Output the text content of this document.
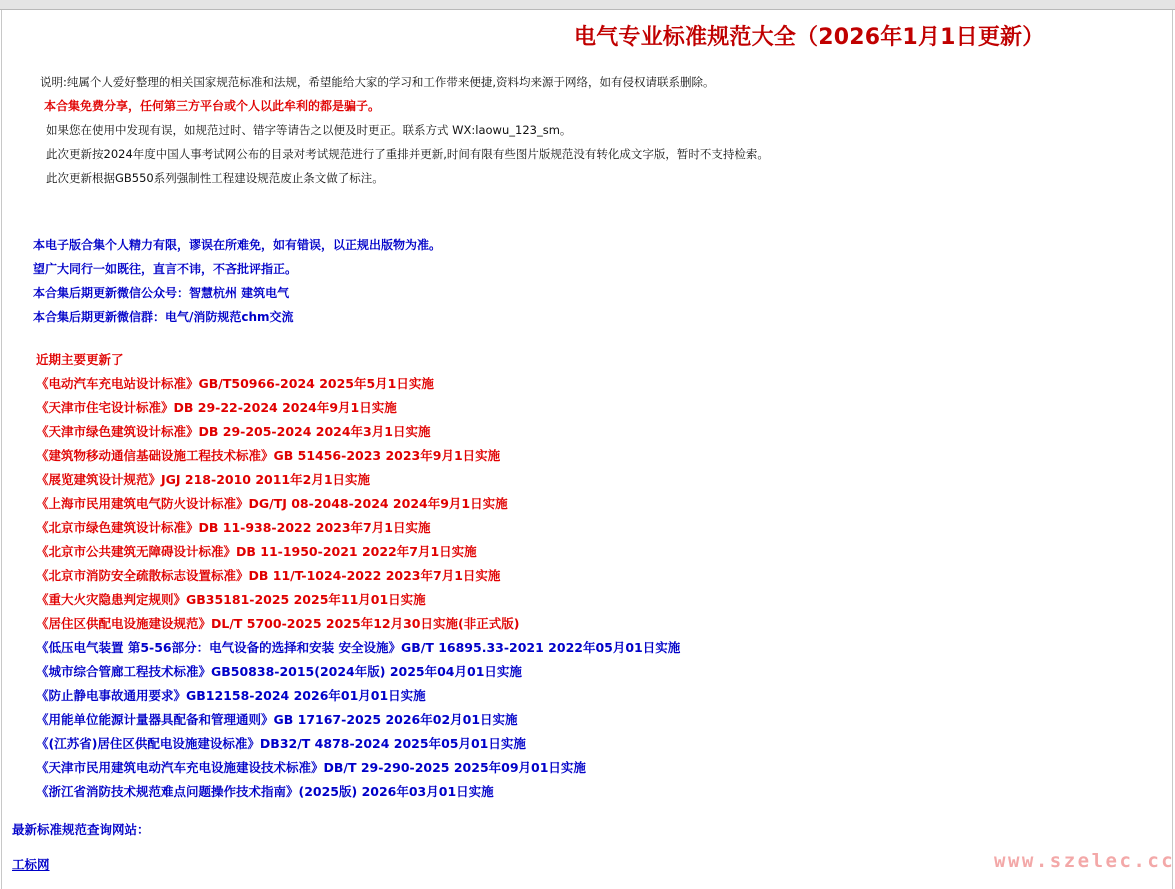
电气专业标准规范大全（2026年1月1日更新）
说明:纯属个人爱好整理的相关国家规范标准和法规，希望能给大家的学习和工作带来便捷,资料均来源于网络，如有侵权请联系删除。
本合集免费分享，任何第三方平台或个人以此牟利的都是骗子。
如果您在使用中发现有误，如规范过时、错字等请告之以便及时更正。联系方式 WX:laowu_123_sm。
此次更新按2024年度中国人事考试网公布的目录对考试规范进行了重排并更新,时间有限有些图片版规范没有转化成文字版，暂时不支持检索。
此次更新根据GB550系列强制性工程建设规范废止条文做了标注。
本电子版合集个人精力有限，谬误在所难免，如有错误，以正规出版物为准。
望广大同行一如既往，直言不讳，不吝批评指正。
本合集后期更新微信公众号：智慧杭州 建筑电气
本合集后期更新微信群：电气/消防规范chm交流
近期主要更新了
《电动汽车充电站设计标准》GB/T50966-2024 2025年5月1日实施
《天津市住宅设计标准》DB 29-22-2024 2024年9月1日实施
《天津市绿色建筑设计标准》DB 29-205-2024 2024年3月1日实施
《建筑物移动通信基础设施工程技术标准》GB 51456-2023 2023年9月1日实施
《展览建筑设计规范》JGJ 218-2010 2011年2月1日实施
《上海市民用建筑电气防火设计标准》DG/TJ 08-2048-2024 2024年9月1日实施
《北京市绿色建筑设计标准》DB 11-938-2022 2023年7月1日实施
《北京市公共建筑无障碍设计标准》DB 11-1950-2021 2022年7月1日实施
《北京市消防安全疏散标志设置标准》DB 11/T-1024-2022 2023年7月1日实施
《重大火灾隐患判定规则》GB35181-2025 2025年11月01日实施
《居住区供配电设施建设规范》DL/T 5700-2025 2025年12月30日实施(非正式版)
《低压电气装置 第5-56部分：电气设备的选择和安装 安全设施》GB/T 16895.33-2021 2022年05月01日实施
《城市综合管廊工程技术标准》GB50838-2015(2024年版) 2025年04月01日实施
《防止静电事故通用要求》GB12158-2024 2026年01月01日实施
《用能单位能源计量器具配备和管理通则》GB 17167-2025 2026年02月01日实施
《(江苏省)居住区供配电设施建设标准》DB32/T 4878-2024 2025年05月01日实施
《天津市民用建筑电动汽车充电设施建设技术标准》DB/T 29-290-2025 2025年09月01日实施
《浙江省消防技术规范难点问题操作技术指南》(2025版) 2026年03月01日实施
最新标准规范查询网站：
工标网	www.szelec.cc
